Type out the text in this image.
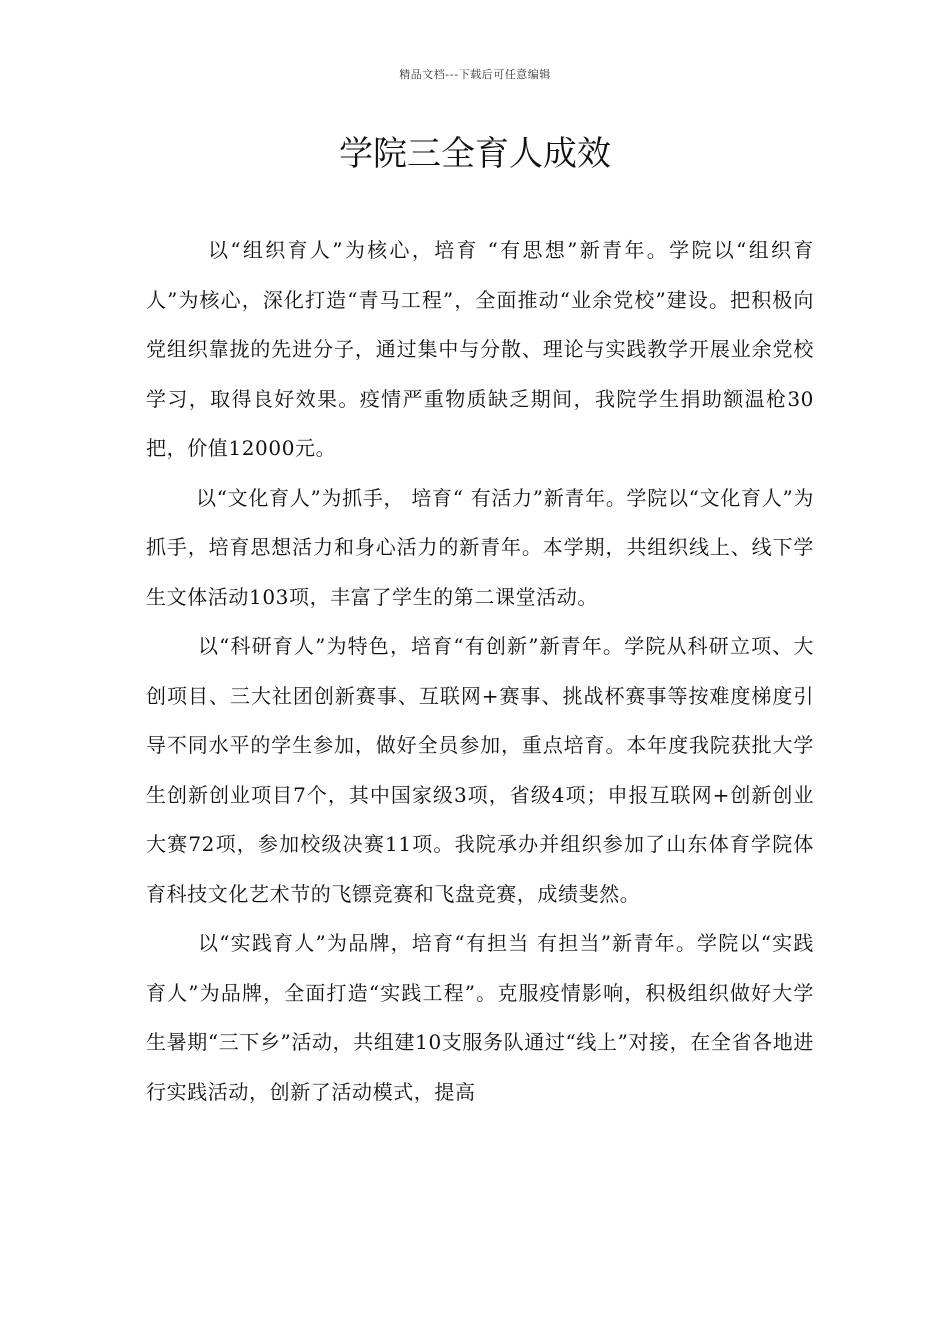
精品文档---下载后可任意编辑
学院三全育人成效

以“组织育人”为核心，培育 “有思想”新青年。学院以“组织育人”为核心，深化打造“青马工程”，全面推动“业余党校”建设。把积极向党组织靠拢的先进分子，通过集中与分散、理论与实践教学开展业余党校学习，取得良好效果。疫情严重物质缺乏期间，我院学生捐助额温枪30把，价值12000元。

以“文化育人”为抓手， 培育“ 有活力”新青年。学院以“文化育人”为抓手，培育思想活力和身心活力的新青年。本学期，共组织线上、线下学生文体活动103项，丰富了学生的第二课堂活动。

以“科研育人”为特色，培育“有创新”新青年。学院从科研立项、大创项目、三大社团创新赛事、互联网+赛事、挑战杯赛事等按难度梯度引导不同水平的学生参加，做好全员参加，重点培育。本年度我院获批大学生创新创业项目7个，其中国家级3项，省级4项；申报互联网+创新创业大赛72项，参加校级决赛11项。我院承办并组织参加了山东体育学院体育科技文化艺术节的飞镖竞赛和飞盘竞赛，成绩斐然。

以“实践育人”为品牌，培育“有担当 有担当”新青年。学院以“实践育人”为品牌，全面打造“实践工程”。克服疫情影响，积极组织做好大学生暑期“三下乡”活动，共组建10支服务队通过“线上”对接，在全省各地进行实践活动，创新了活动模式，提高
